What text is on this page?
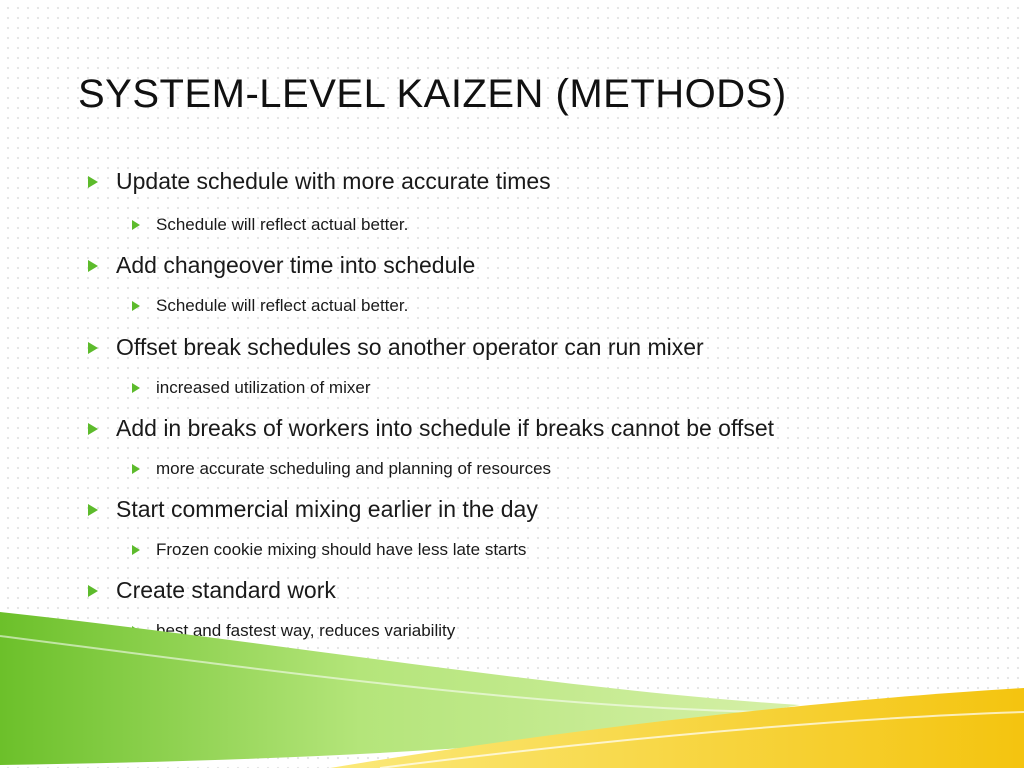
SYSTEM-LEVEL KAIZEN (METHODS)
Update schedule with more accurate times
Schedule will reflect actual better.
Add changeover time into schedule
Schedule will reflect actual better.
Offset break schedules so another operator can run mixer
increased utilization of mixer
Add in breaks of workers into schedule if breaks cannot be offset
more accurate scheduling and planning of resources
Start commercial mixing earlier in the day
Frozen cookie mixing should have less late starts
Create standard work
best and fastest way, reduces variability
